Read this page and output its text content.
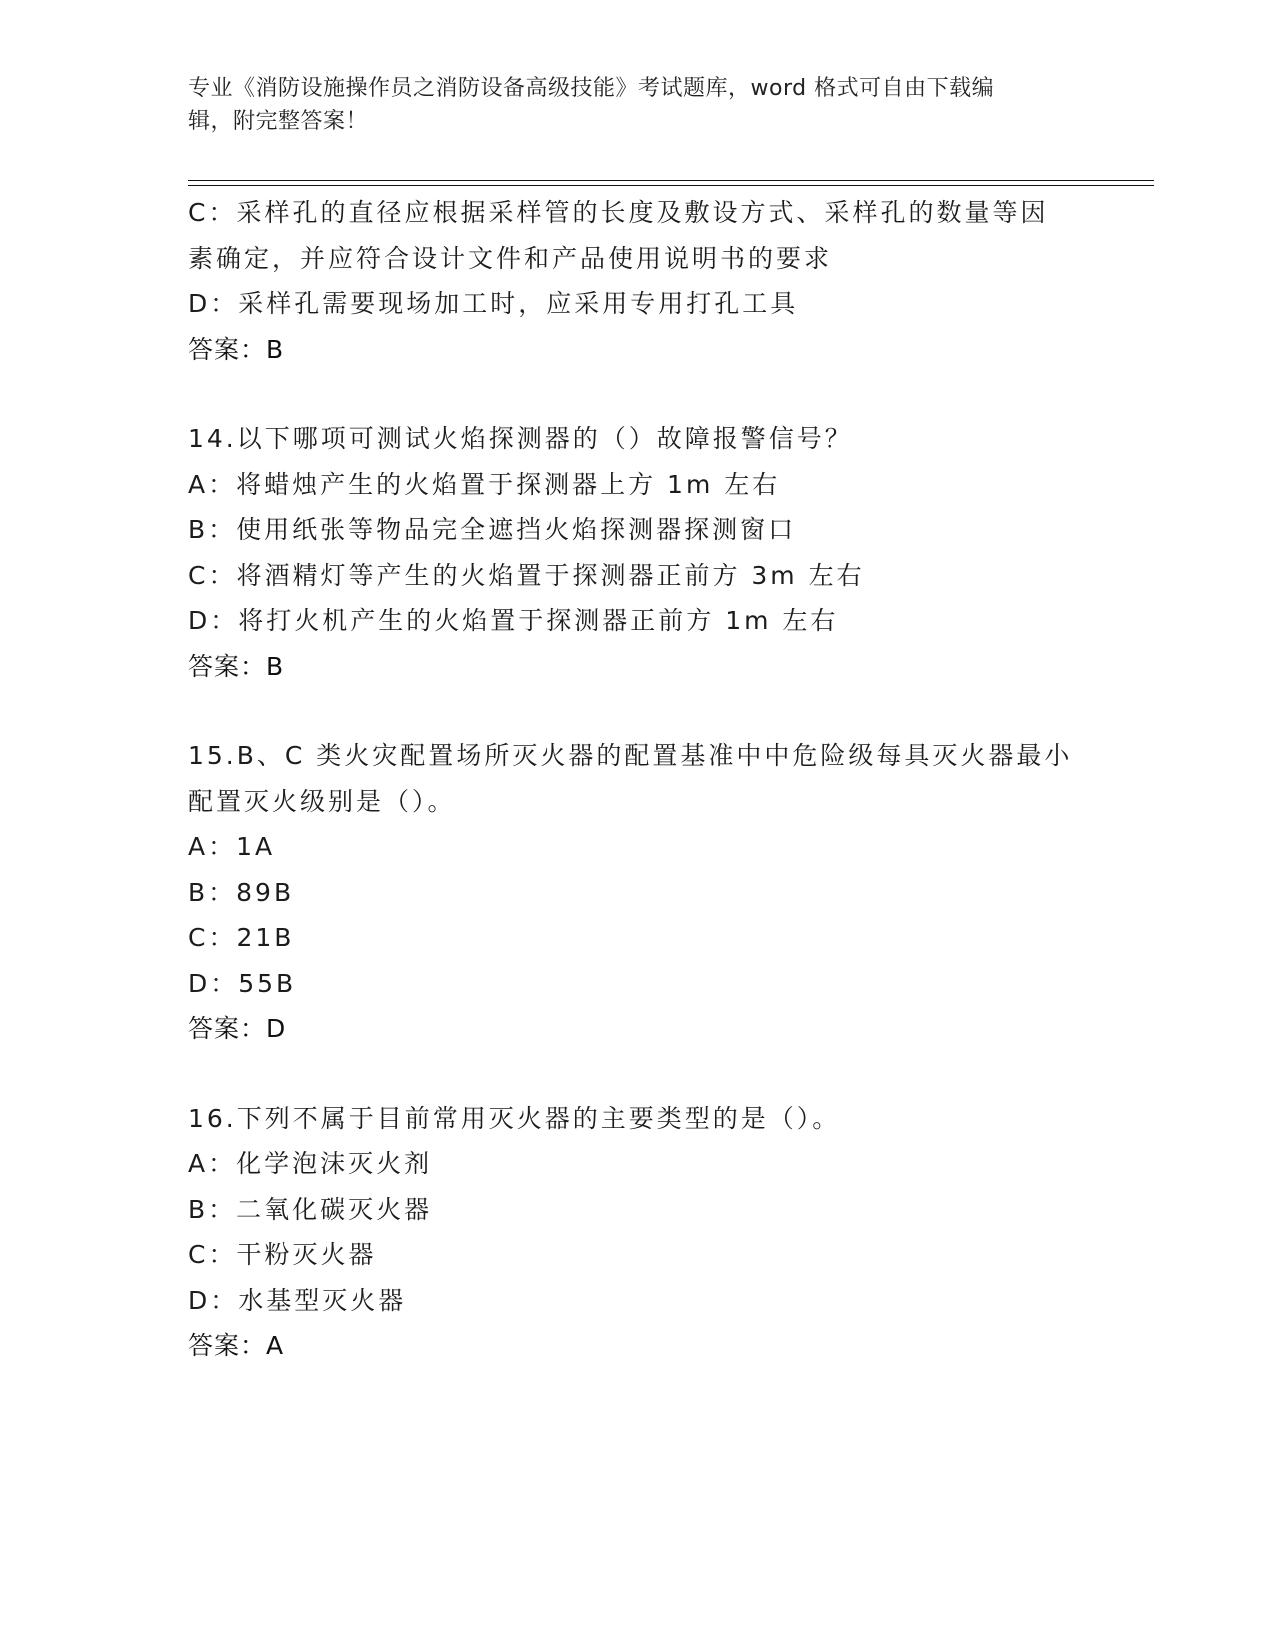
专业《消防设施操作员之消防设备高级技能》考试题库，word 格式可自由下载编
辑，附完整答案！
C：采样孔的直径应根据采样管的长度及敷设方式、采样孔的数量等因
素确定，并应符合设计文件和产品使用说明书的要求
D：采样孔需要现场加工时，应采用专用打孔工具
答案：B
14.以下哪项可测试火焰探测器的（）故障报警信号？
A：将蜡烛产生的火焰置于探测器上方 1m 左右
B：使用纸张等物品完全遮挡火焰探测器探测窗口
C：将酒精灯等产生的火焰置于探测器正前方 3m 左右
D：将打火机产生的火焰置于探测器正前方 1m 左右
答案：B
15.B、C 类火灾配置场所灭火器的配置基准中中危险级每具灭火器最小
配置灭火级别是（）。
A：1A
B：89B
C：21B
D：55B
答案：D
16.下列不属于目前常用灭火器的主要类型的是（）。
A：化学泡沫灭火剂
B：二氧化碳灭火器
C：干粉灭火器
D：水基型灭火器
答案：A
